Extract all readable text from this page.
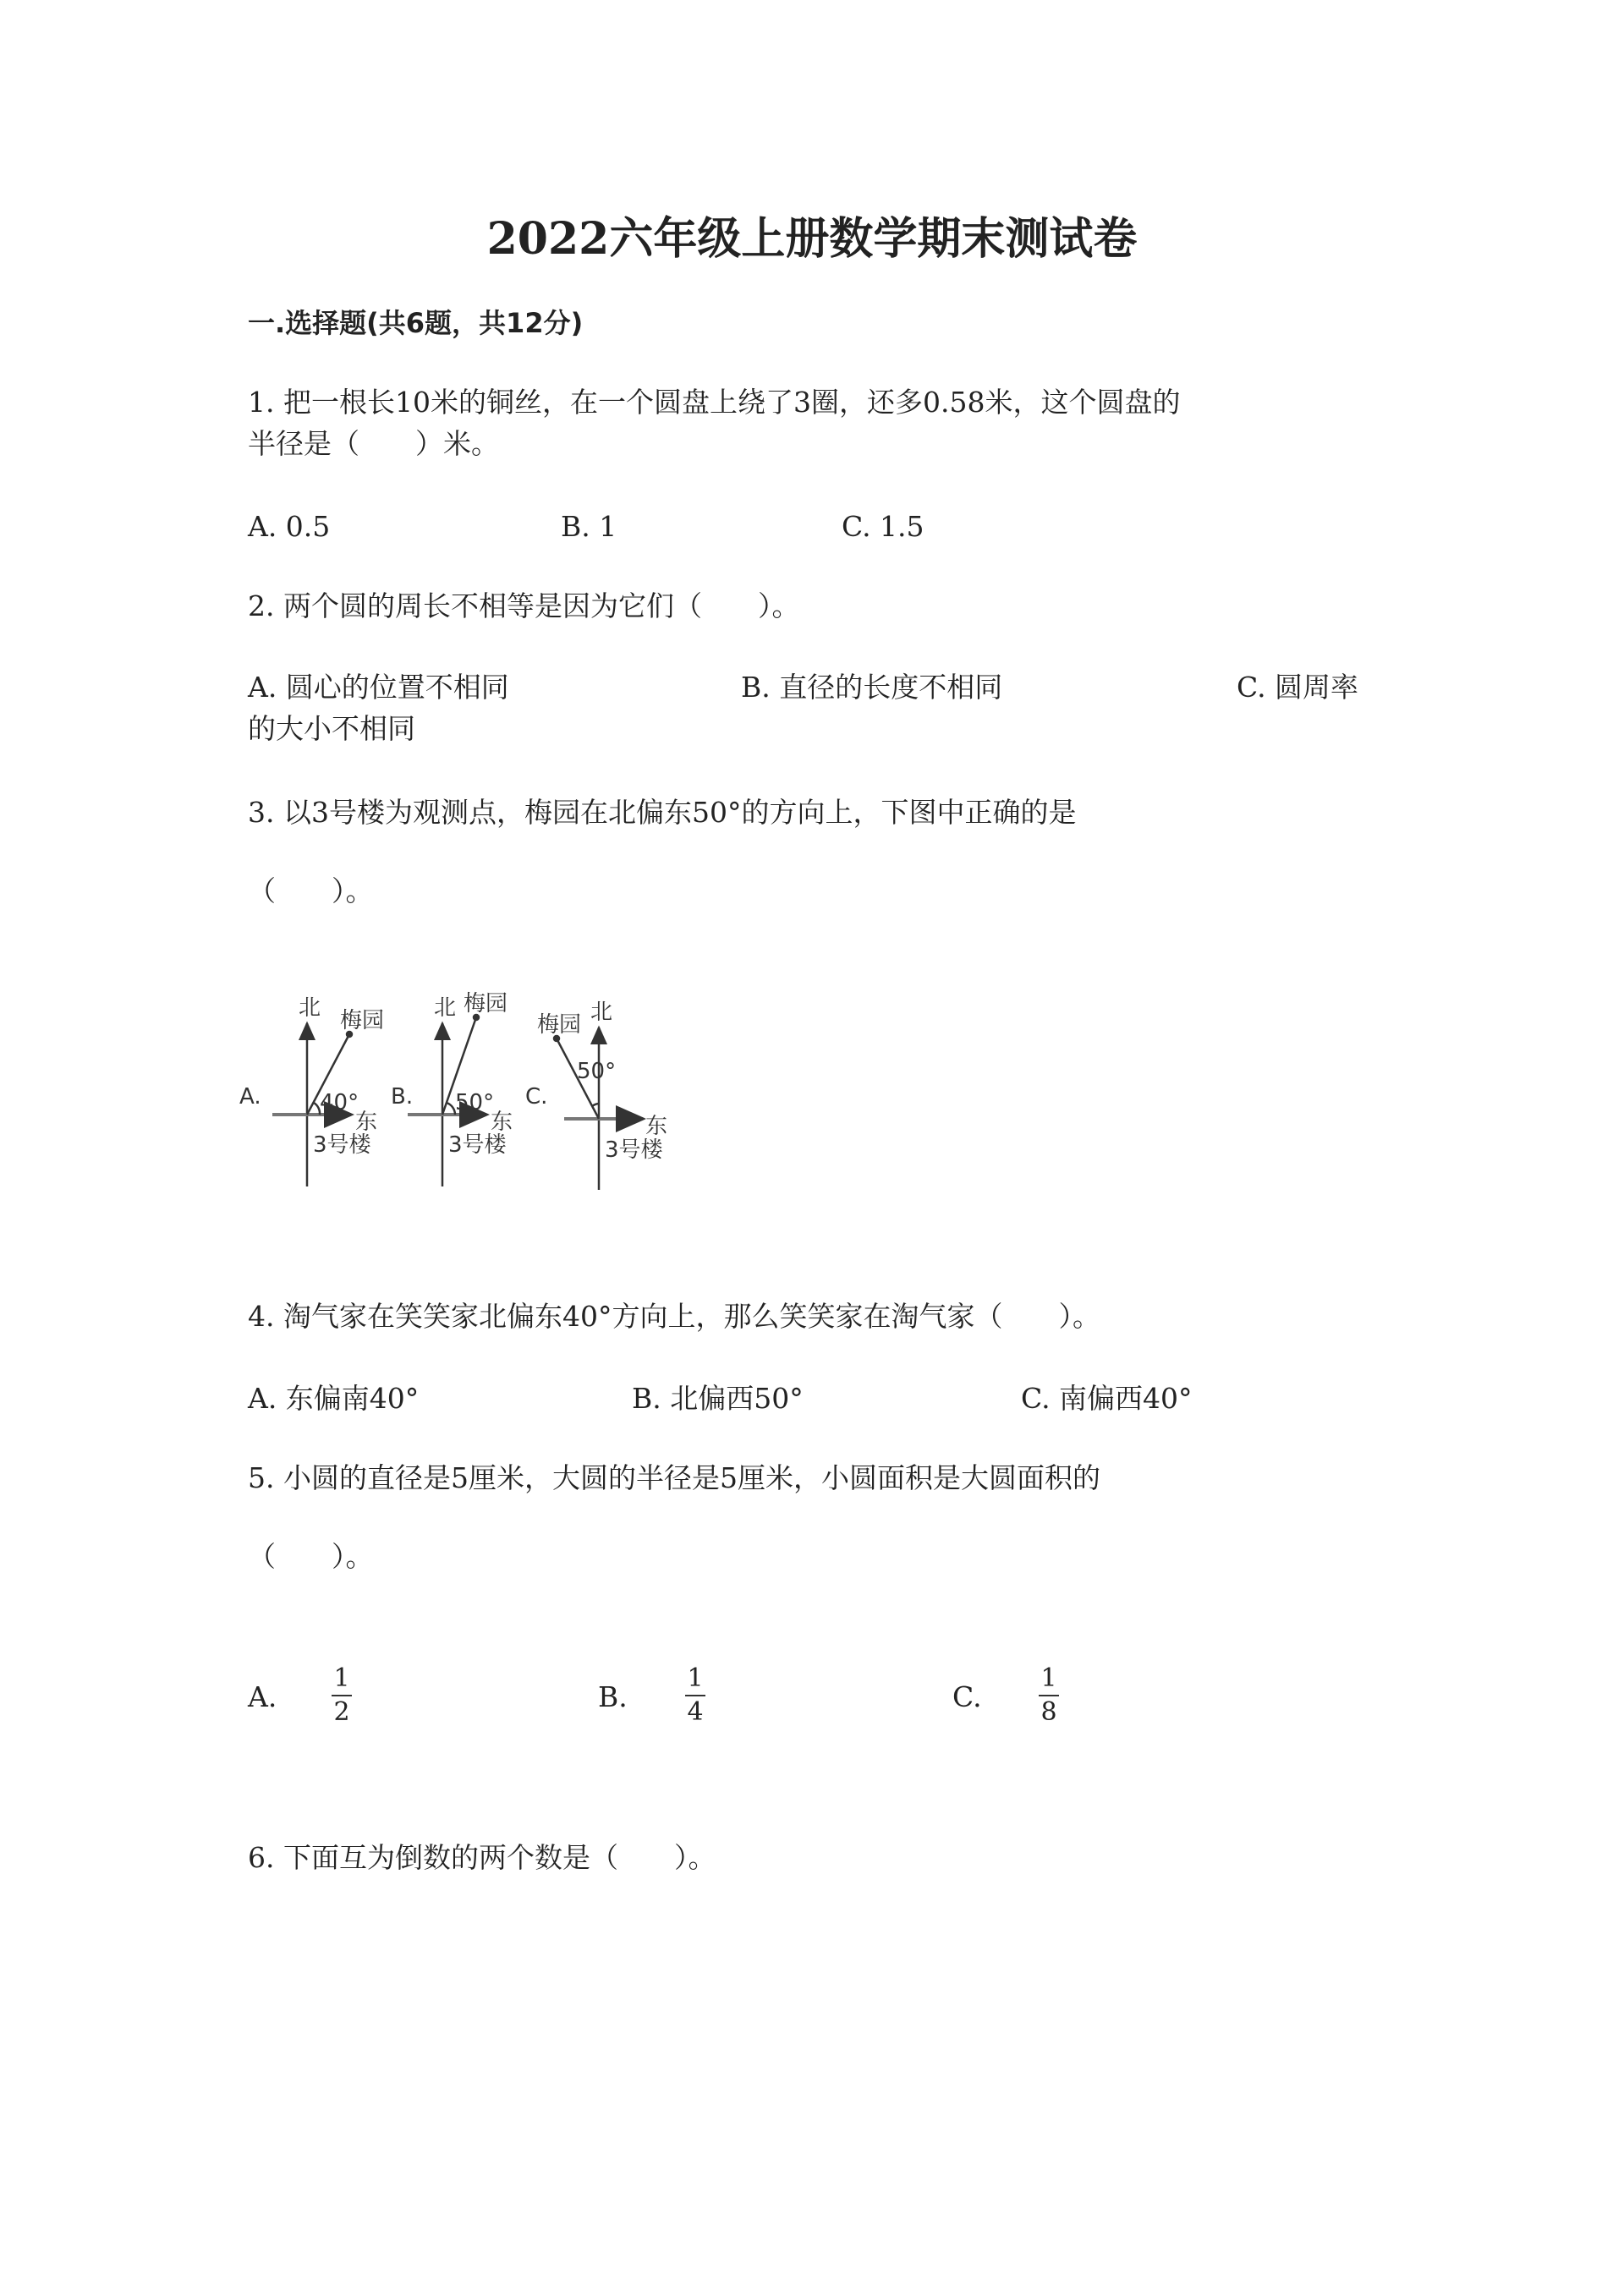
2022六年级上册数学期末测试卷
一.选择题(共6题，共12分)
1. 把一根长10米的铜丝，在一个圆盘上绕了3圈，还多0.58米，这个圆盘的
半径是（　　）米。
A. 0.5	B. 1	C. 1.5
2. 两个圆的周长不相等是因为它们（　　）。
A. 圆心的位置不相同	B. 直径的长度不相同	C. 圆周率
的大小不相同
3. 以3号楼为观测点，梅园在北偏东50°的方向上，下图中正确的是
（　　）。
A.
北
东
梅园
3号楼
40° B.
北
东
梅园
3号楼
50° C.
北
东
梅园
3号楼
50°
4. 淘气家在笑笑家北偏东40°方向上，那么笑笑家在淘气家（　　）。
A. 东偏南40°	B. 北偏西50°	C. 南偏西40°
5. 小圆的直径是5厘米，大圆的半径是5厘米，小圆面积是大圆面积的
（　　）。
A.
1
2	B.
1
4	C.
1
8
6. 下面互为倒数的两个数是（　　）。
